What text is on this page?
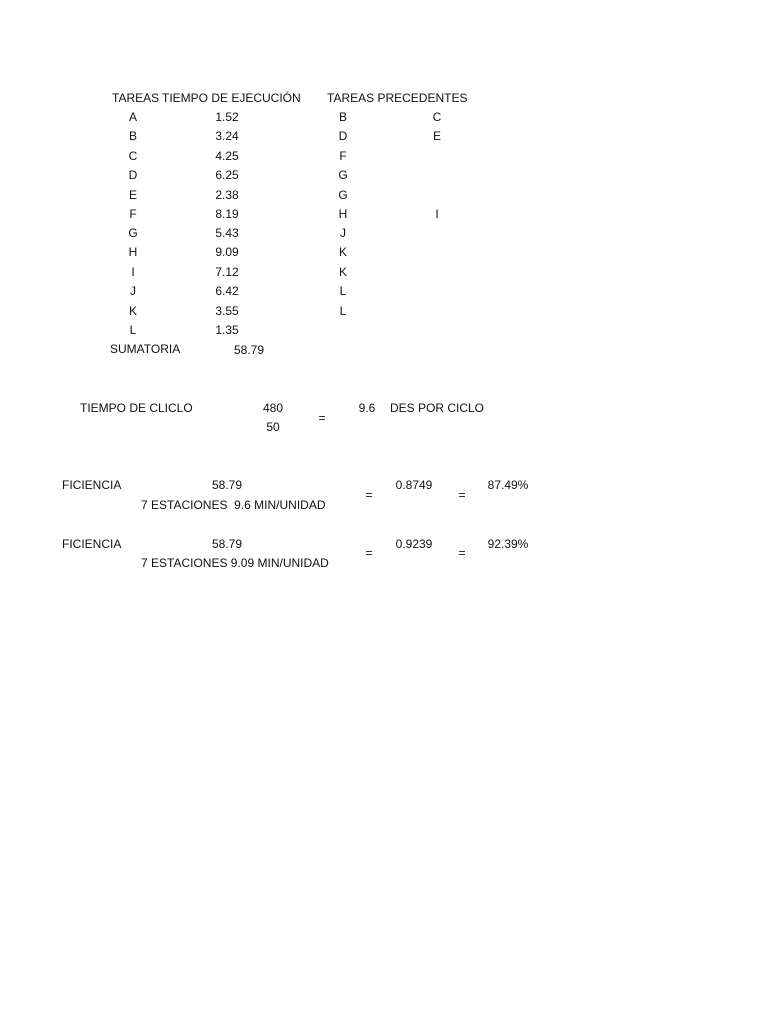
TAREAS TIEMPO DE EJECUCIÓN TAREAS PRECEDENTES
A	1.52	B	C
B	3.24	D	E
C	4.25	F
D	6.25	G
E	2.38	G
F	8.19	H	I
G	5.43	J
H	9.09	K
I	7.12	K
J	6.42	L
K	3.55	L
L	1.35
SUMATORIA	58.79
TIEMPO DE CLICLO	480
50
=
9.6 DES POR CICLO
FICIENCIA	58.79
7 ESTACIONES  9.6 MIN/UNIDAD
=
0.8749
=
87.49%
FICIENCIA	58.79
7 ESTACIONES 9.09 MIN/UNIDAD
=
0.9239
=
92.39%
